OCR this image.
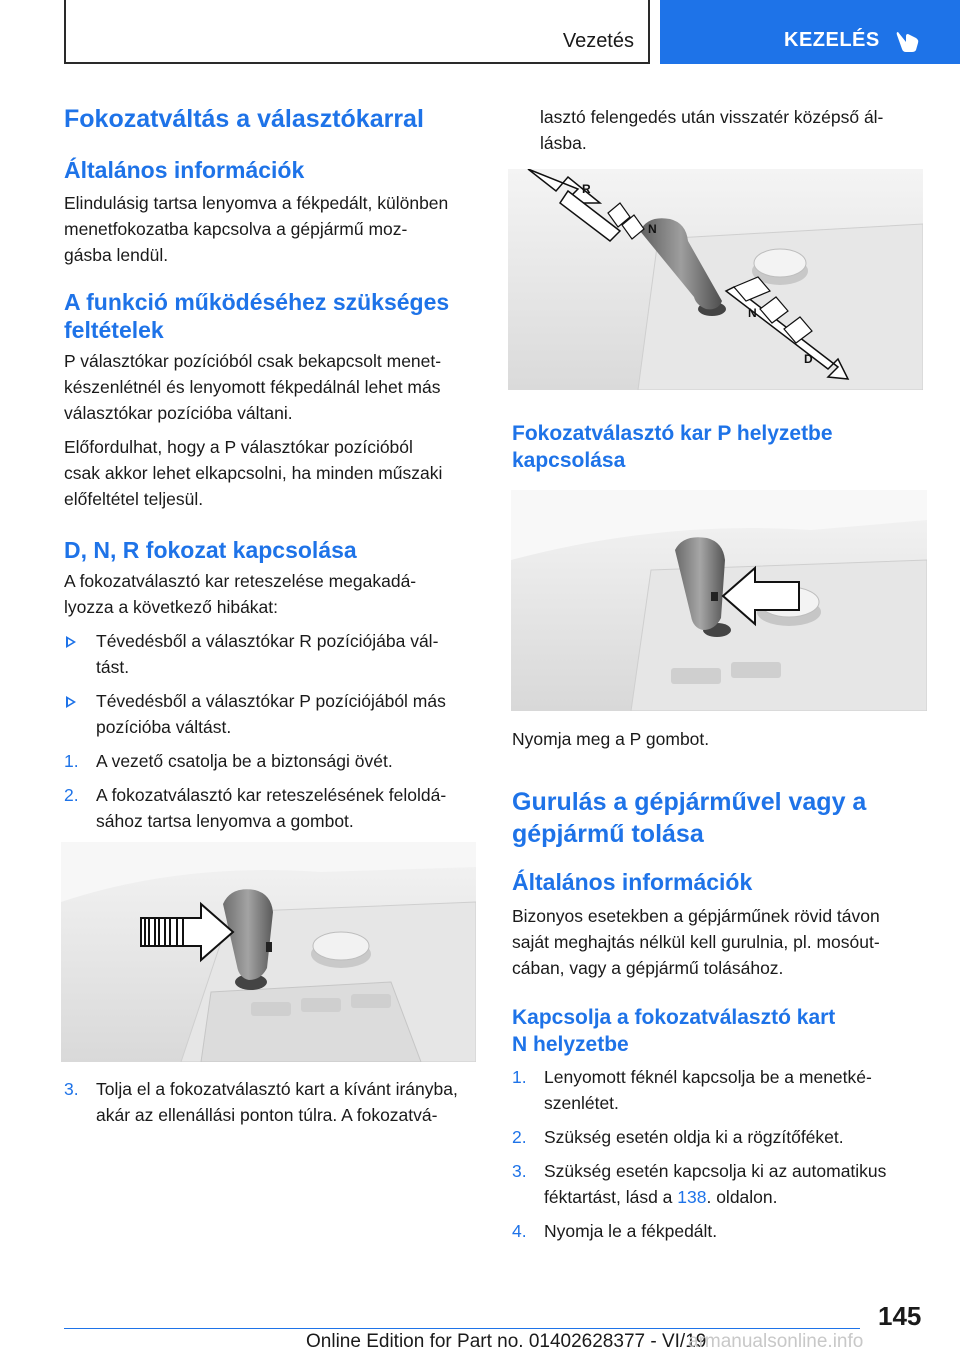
Vezetés	KEZELÉS
Fokozatváltás a választókarral
Általános információk
Elindulásig tartsa lenyomva a fékpedált, különben
menetfokozatba kapcsolva a gépjármű moz-
gásba lendül.
A funkció működéséhez szükséges
feltételek
P választókar pozícióból csak bekapcsolt menet-
készenlétnél és lenyomott fékpedálnál lehet más
választókar pozícióba váltani.
Előfordulhat, hogy a P választókar pozícióból
csak akkor lehet elkapcsolni, ha minden műszaki
előfeltétel teljesül.
D, N, R fokozat kapcsolása
A fokozatválasztó kar reteszelése megakadá-
lyozza a következő hibákat:
Tévedésből a választókar R pozíciójába vál-
tást.
Tévedésből a választókar P pozíciójából más
pozícióba váltást.
1. A vezető csatolja be a biztonsági övét.
2. A fokozatválasztó kar reteszelésének feloldá-
sához tartsa lenyomva a gombot.
3. Tolja el a fokozatválasztó kart a kívánt irányba,
akár az ellenállási ponton túlra. A fokozatvá-
lasztó felengedés után visszatér középső ál-
lásba.
R
N
N
D
Fokozatválasztó kar P helyzetbe
kapcsolása
Nyomja meg a P gombot.
Gurulás a gépjárművel vagy a
gépjármű tolása
Általános információk
Bizonyos esetekben a gépjárműnek rövid távon
saját meghajtás nélkül kell gurulnia, pl. mosóut-
cában, vagy a gépjármű tolásához.
Kapcsolja a fokozatválasztó kart
N helyzetbe
1. Lenyomott féknél kapcsolja be a menetké-
szenlétet.
2. Szükség esetén oldja ki a rögzítőféket.
3. Szükség esetén kapcsolja ki az automatikus
féktartást, lásd a 138. oldalon.
4. Nyomja le a fékpedált.
145
Online Edition for Part no. 01402628377 - VI/19
armanualsonline.info
